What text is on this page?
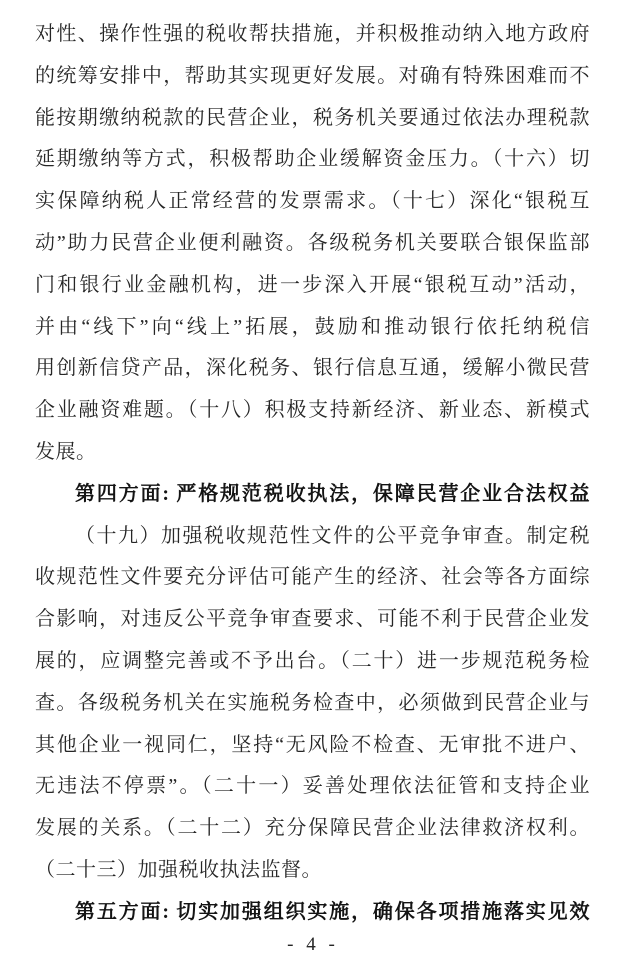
对性、操作性强的税收帮扶措施，并积极推动纳入地方政府
的统筹安排中，帮助其实现更好发展。对确有特殊困难而不
能按期缴纳税款的民营企业，税务机关要通过依法办理税款
延期缴纳等方式，积极帮助企业缓解资金压力。（十六）切
实保障纳税人正常经营的发票需求。（十七）深化“银税互
动”助力民营企业便利融资。各级税务机关要联合银保监部
门和银行业金融机构，进一步深入开展“银税互动”活动，
并由“线下”向“线上”拓展，鼓励和推动银行依托纳税信
用创新信贷产品，深化税务、银行信息互通，缓解小微民营
企业融资难题。（十八）积极支持新经济、新业态、新模式
发展。
第四方面: 严格规范税收执法，保障民营企业合法权益
（十九）加强税收规范性文件的公平竞争审查。制定税
收规范性文件要充分评估可能产生的经济、社会等各方面综
合影响，对违反公平竞争审查要求、可能不利于民营企业发
展的，应调整完善或不予出台。（二十）进一步规范税务检
查。各级税务机关在实施税务检查中，必须做到民营企业与
其他企业一视同仁，坚持“无风险不检查、无审批不进户、
无违法不停票”。（二十一）妥善处理依法征管和支持企业
发展的关系。（二十二）充分保障民营企业法律救济权利。
（二十三）加强税收执法监督。
第五方面: 切实加强组织实施，确保各项措施落实见效
- 4 -
